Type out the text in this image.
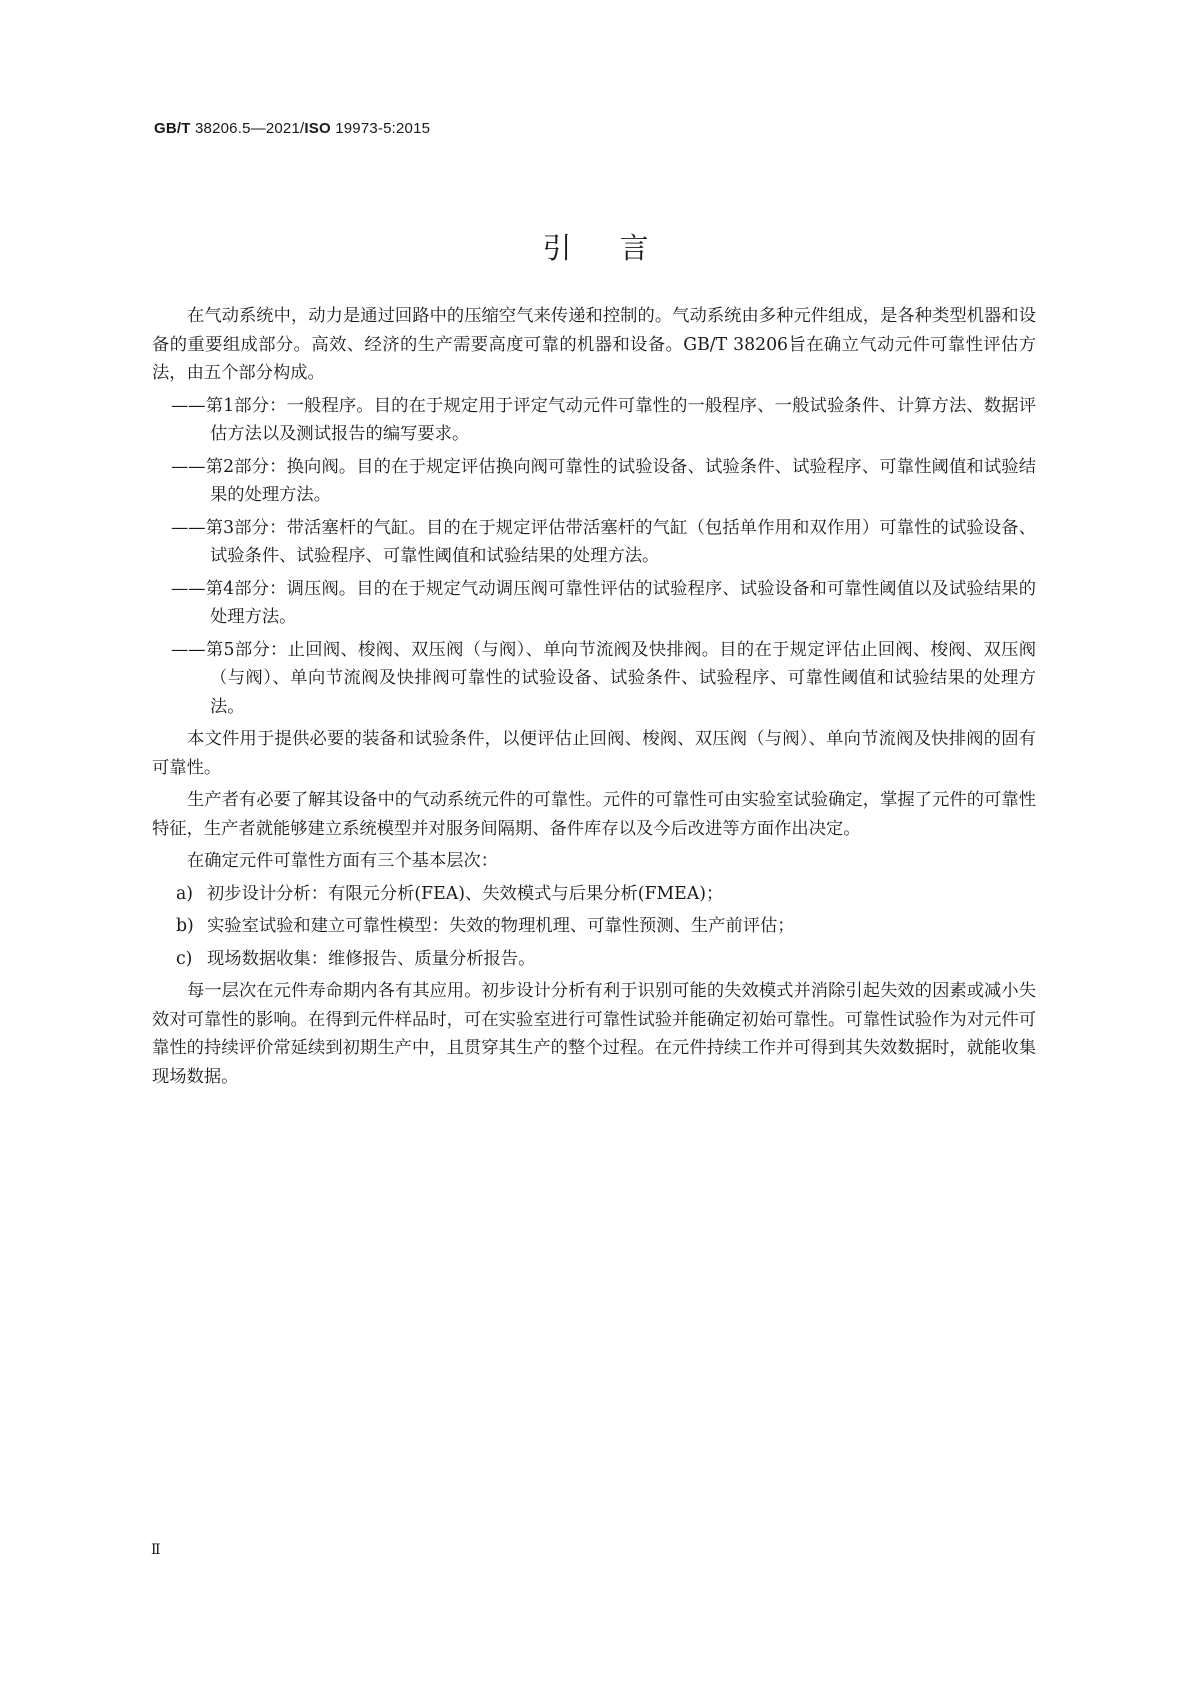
GB/T 38206.5—2021/ISO 19973-5:2015
引言

在气动系统中，动力是通过回路中的压缩空气来传递和控制的。气动系统由多种元件组成，是各种类型机器和设备的重要组成部分。高效、经济的生产需要高度可靠的机器和设备。GB/T 38206旨在确立气动元件可靠性评估方法，由五个部分构成。

——第1部分：一般程序。目的在于规定用于评定气动元件可靠性的一般程序、一般试验条件、计算方法、数据评估方法以及测试报告的编写要求。

——第2部分：换向阀。目的在于规定评估换向阀可靠性的试验设备、试验条件、试验程序、可靠性阈值和试验结果的处理方法。

——第3部分：带活塞杆的气缸。目的在于规定评估带活塞杆的气缸（包括单作用和双作用）可靠性的试验设备、试验条件、试验程序、可靠性阈值和试验结果的处理方法。

——第4部分：调压阀。目的在于规定气动调压阀可靠性评估的试验程序、试验设备和可靠性阈值以及试验结果的处理方法。

——第5部分：止回阀、梭阀、双压阀（与阀）、单向节流阀及快排阀。目的在于规定评估止回阀、梭阀、双压阀（与阀）、单向节流阀及快排阀可靠性的试验设备、试验条件、试验程序、可靠性阈值和试验结果的处理方法。

本文件用于提供必要的装备和试验条件，以便评估止回阀、梭阀、双压阀（与阀）、单向节流阀及快排阀的固有可靠性。

生产者有必要了解其设备中的气动系统元件的可靠性。元件的可靠性可由实验室试验确定，掌握了元件的可靠性特征，生产者就能够建立系统模型并对服务间隔期、备件库存以及今后改进等方面作出决定。

在确定元件可靠性方面有三个基本层次：

a) 初步设计分析：有限元分析(FEA)、失效模式与后果分析(FMEA)；

b) 实验室试验和建立可靠性模型：失效的物理机理、可靠性预测、生产前评估；

c) 现场数据收集：维修报告、质量分析报告。

每一层次在元件寿命期内各有其应用。初步设计分析有利于识别可能的失效模式并消除引起失效的因素或减小失效对可靠性的影响。在得到元件样品时，可在实验室进行可靠性试验并能确定初始可靠性。可靠性试验作为对元件可靠性的持续评价常延续到初期生产中，且贯穿其生产的整个过程。在元件持续工作并可得到其失效数据时，就能收集现场数据。

Ⅱ
